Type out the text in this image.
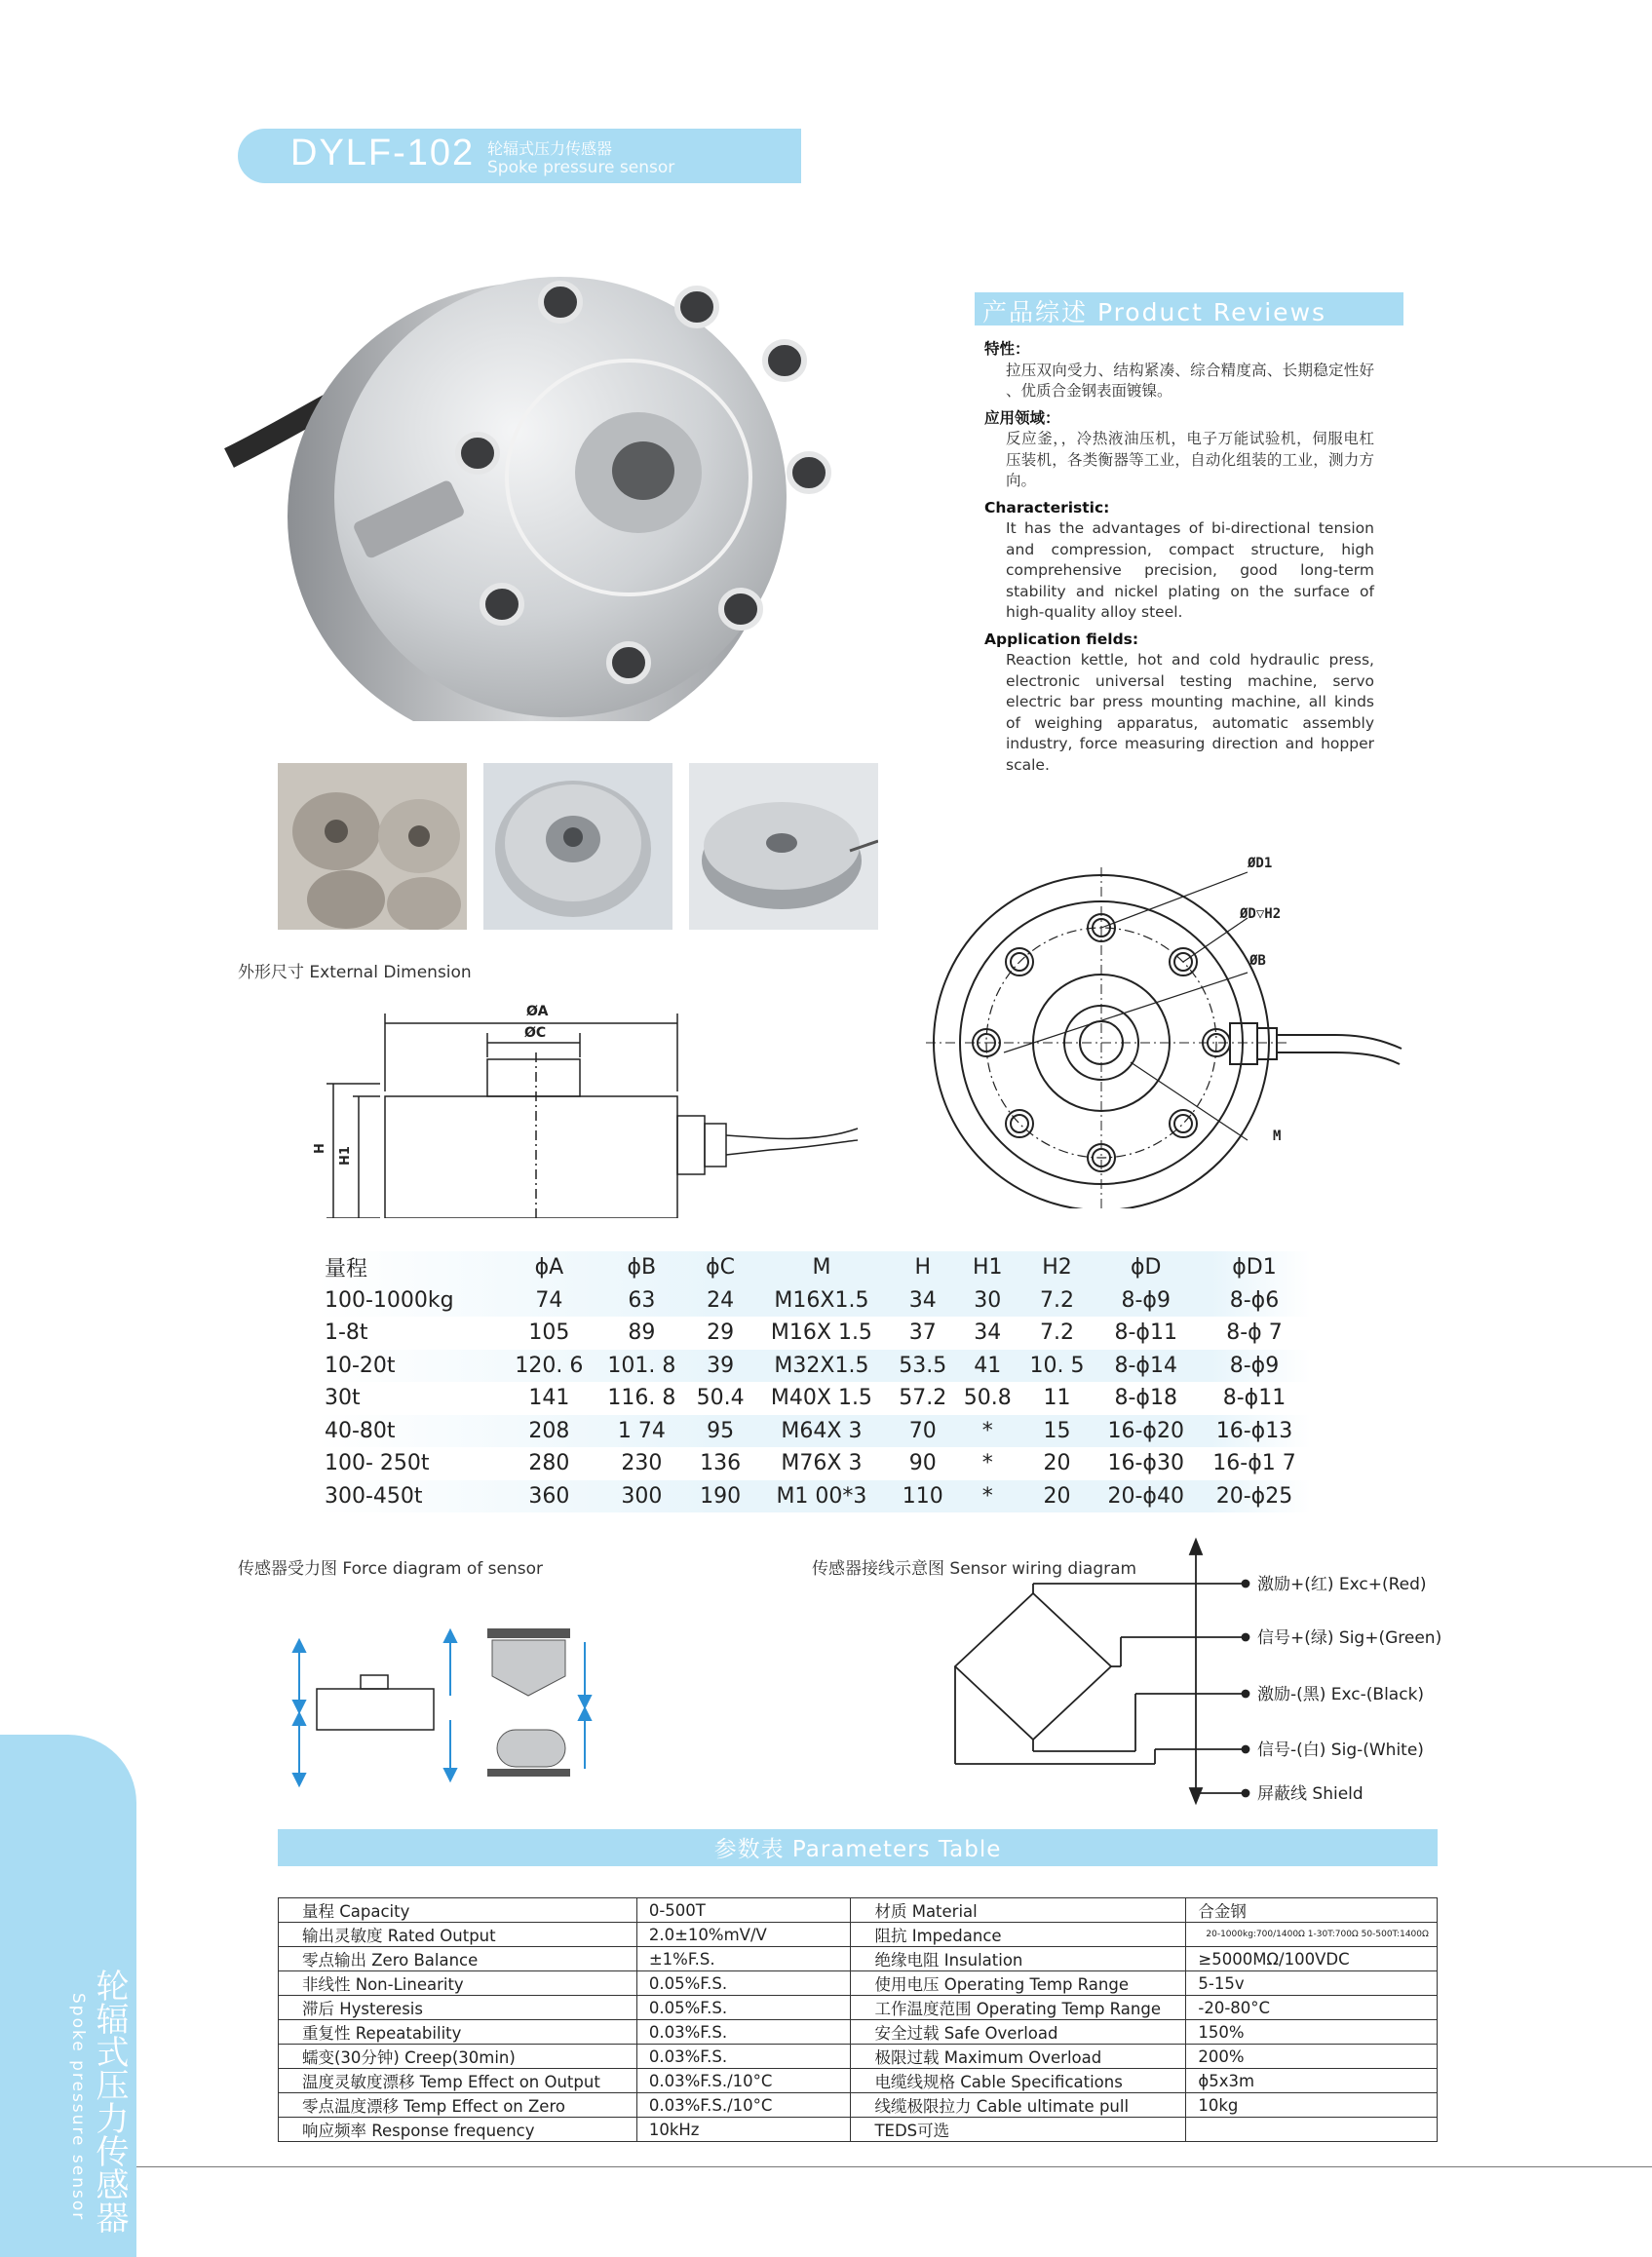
DYLF-102 轮辐式压力传感器
Spoke pressure sensor
产品综述 Product Reviews
特性：
拉压双向受力、结构紧凑、综合精度高、长期稳定性好 、优质合金钢表面镀镍。
应用领域：
反应釜，，冷热液油压机，电子万能试验机，伺服电杠压装机，各类衡器等工业，自动化组装的工业，测力方向。
Characteristic:
It has the advantages of bi-directional tension and compression, compact structure, high comprehensive precision, good long-term stability and nickel plating on the surface of high-quality alloy steel.
Application fields:
Reaction kettle, hot and cold hydraulic press, electronic universal testing machine, servo electric bar press mounting machine, all kinds of weighing apparatus, automatic assembly industry, force measuring direction and hopper scale.
外形尺寸 External Dimension
ØA
ØC
H H1
ØD1
ØD▽H2
ØB
M
量程	ϕA	ϕB	ϕC	M	H	H1	H2	ϕD	ϕD1
100-1000kg	74	63	24	M16X1.5	34	30	7.2	8-ϕ9	8-ϕ6
1-8t	105	89	29	M16X 1.5	37	34	7.2	8-ϕ11	8-ϕ 7
10-20t	120. 6	101. 8	39	M32X1.5	53.5	41	10. 5	8-ϕ14	8-ϕ9
30t	141	116. 8	50.4	M40X 1.5	57.2	50.8	11	8-ϕ18	8-ϕ11
40-80t	208	1 74	95	M64X 3	70	*	15	16-ϕ20	16-ϕ13
100- 250t	280	230	136	M76X 3	90	*	20	16-ϕ30	16-ϕ1 7
300-450t	360	300	190	M1 00*3	110	*	20	20-ϕ40	20-ϕ25
传感器受力图 Force diagram of sensor	传感器接线示意图 Sensor wiring diagram
激励+(红) Exc+(Red)
信号+(绿) Sig+(Green)
激励-(黑) Exc-(Black)
信号-(白) Sig-(White)
屏蔽线 Shield
参数表 Parameters Table
量程 Capacity	0-500T	材质 Material	合金钢
输出灵敏度 Rated Output	2.0±10%mV/V	阻抗 Impedance	20-1000kg:700/1400Ω 1-30T:700Ω 50-500T:1400Ω
零点输出 Zero Balance	±1%F.S.	绝缘电阻 Insulation	≥5000MΩ/100VDC
非线性 Non-Linearity	0.05%F.S.	使用电压 Operating Temp Range	5-15v
滞后 Hysteresis	0.05%F.S.	工作温度范围 Operating Temp Range	-20-80°C
重复性 Repeatability	0.03%F.S.	安全过载 Safe Overload	150%
蠕变(30分钟) Creep(30min)	0.03%F.S.	极限过载 Maximum Overload	200%
温度灵敏度漂移 Temp Effect on Output	0.03%F.S./10°C	电缆线规格 Cable Specifications	ϕ5x3m
零点温度漂移 Temp Effect on Zero	0.03%F.S./10°C	线缆极限拉力 Cable ultimate pull	10kg
响应频率 Response frequency	10kHz	TEDS可选	
轮辐式压力传感器
Spoke pressure sensor
